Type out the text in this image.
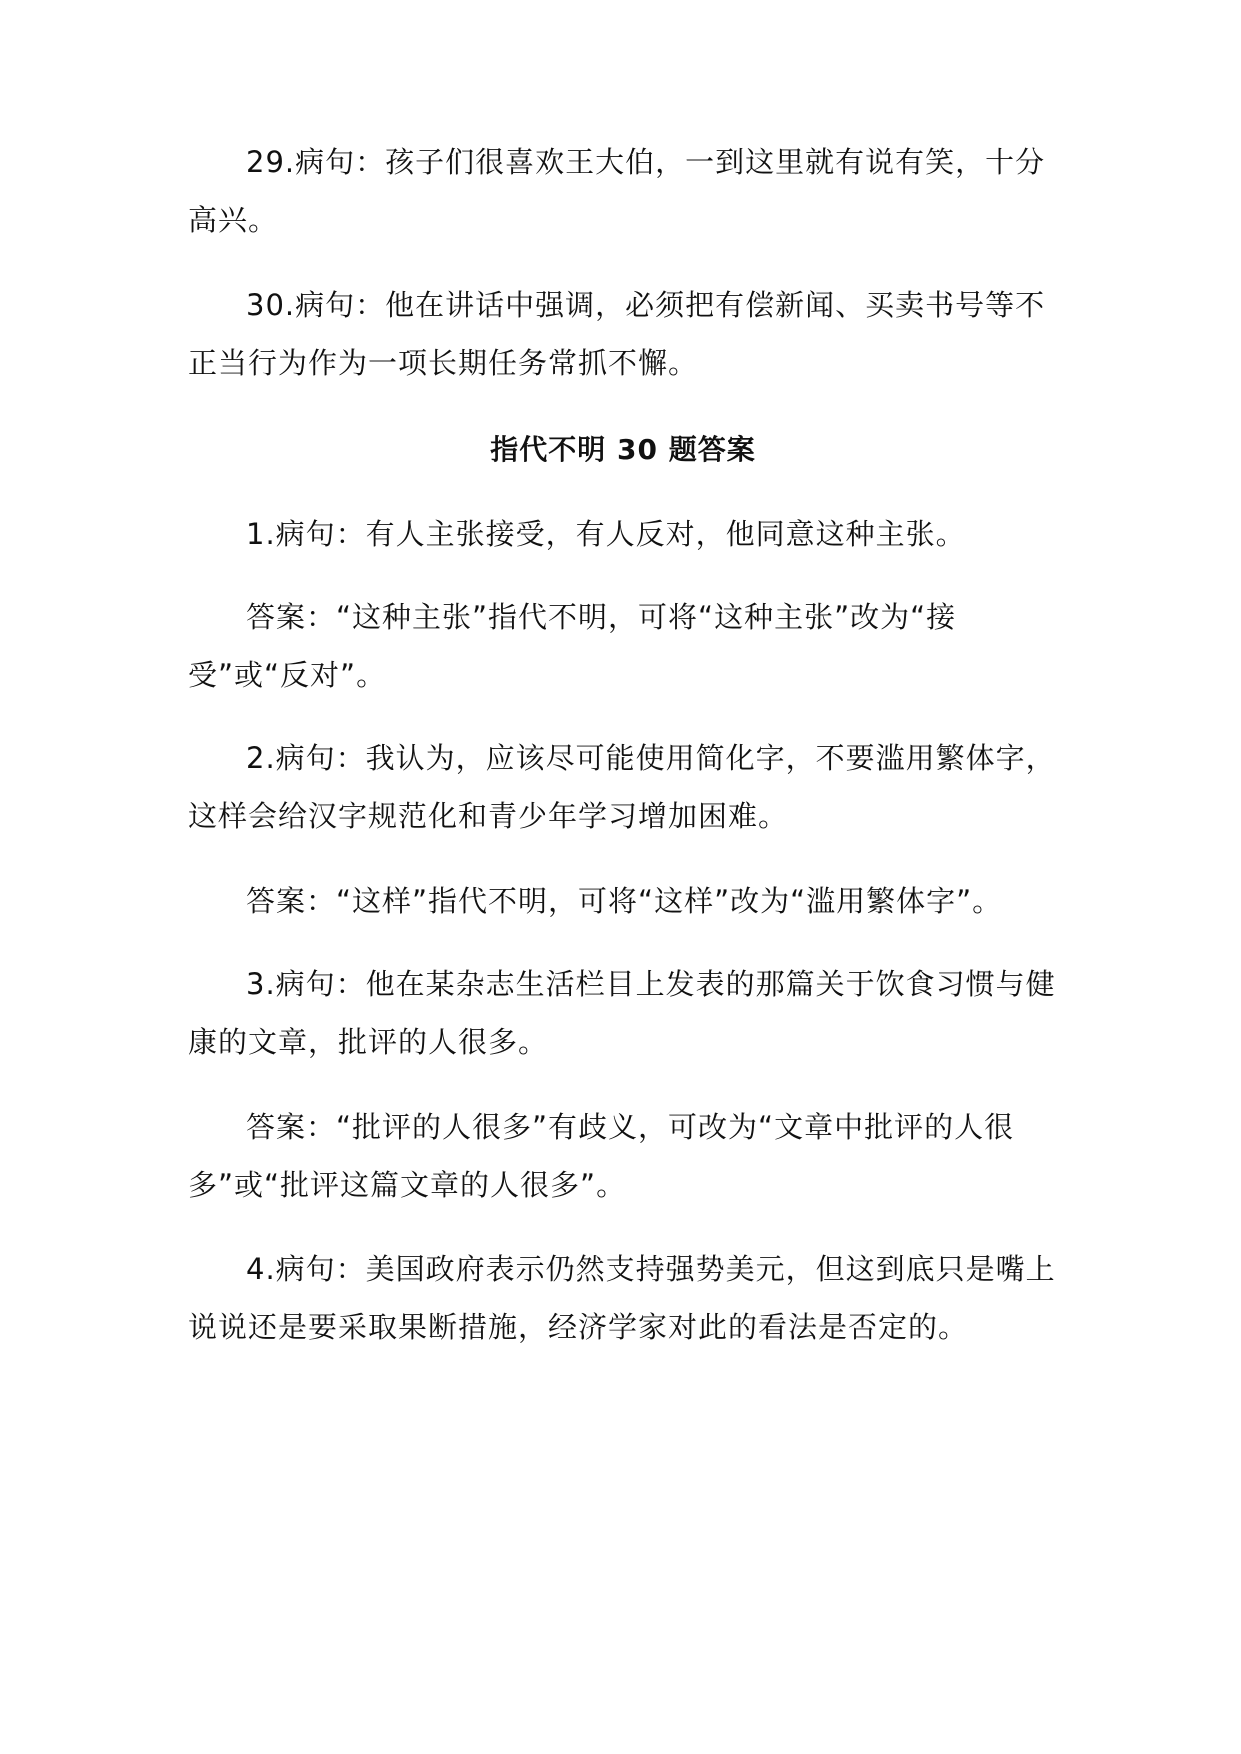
29.病句：孩子们很喜欢王大伯，一到这里就有说有笑，十分高兴。

30.病句：他在讲话中强调，必须把有偿新闻、买卖书号等不正当行为作为一项长期任务常抓不懈。

指代不明 30 题答案

1.病句：有人主张接受，有人反对，他同意这种主张。

答案：“这种主张”指代不明，可将“这种主张”改为“接受”或“反对”。

2.病句：我认为，应该尽可能使用简化字，不要滥用繁体字，这样会给汉字规范化和青少年学习增加困难。

答案：“这样”指代不明，可将“这样”改为“滥用繁体字”。

3.病句：他在某杂志生活栏目上发表的那篇关于饮食习惯与健康的文章，批评的人很多。

答案：“批评的人很多”有歧义，可改为“文章中批评的人很多”或“批评这篇文章的人很多”。

4.病句：美国政府表示仍然支持强势美元，但这到底只是嘴上说说还是要采取果断措施，经济学家对此的看法是否定的。
